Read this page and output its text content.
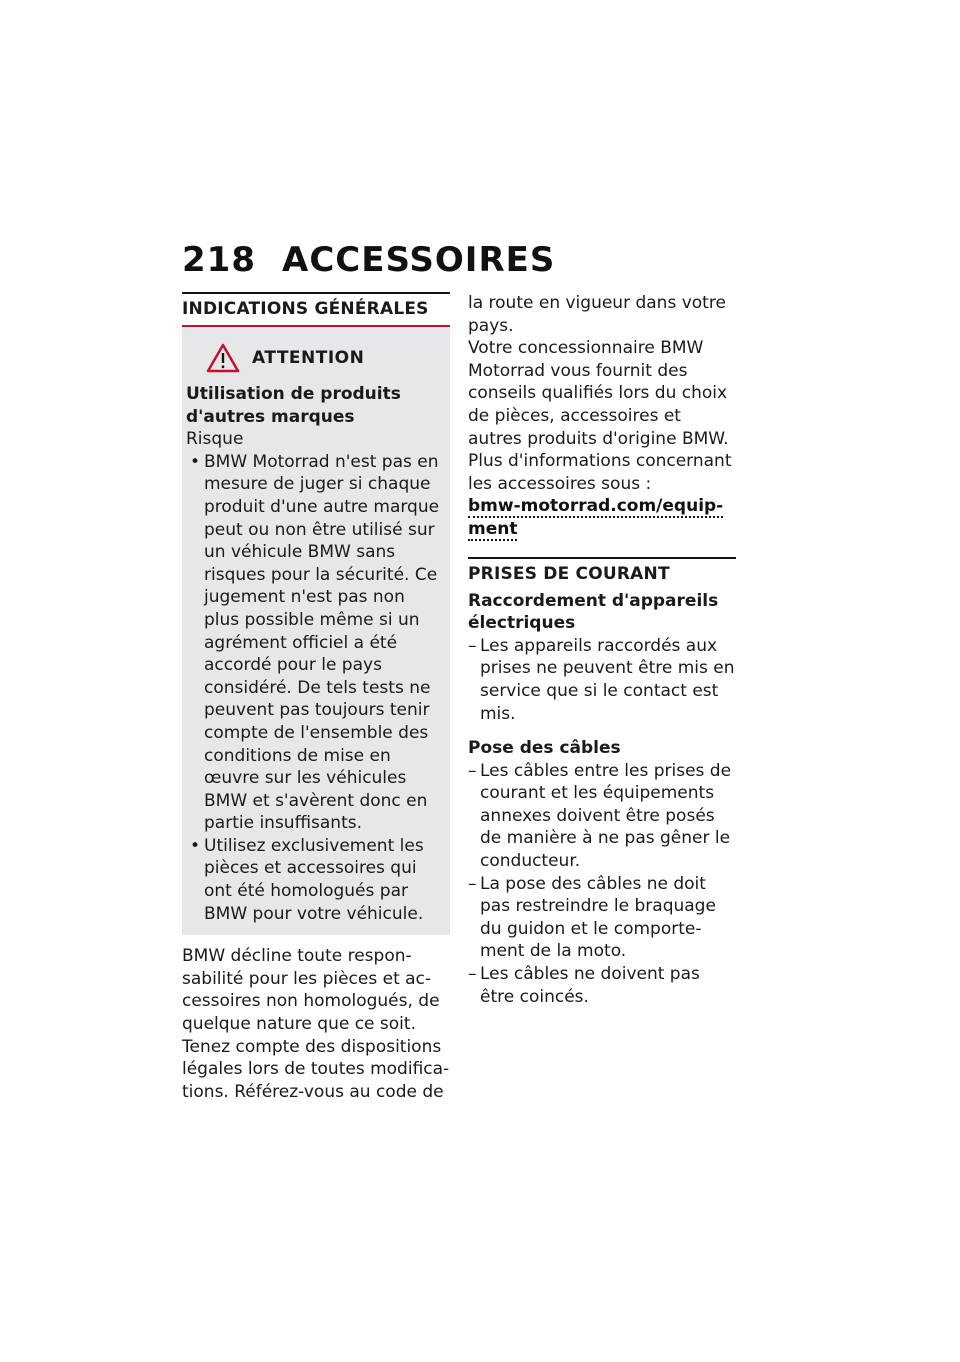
218 ACCESSOIRES
INDICATIONS GÉNÉRALES
ATTENTION

Utilisation de produits d'autres marques

Risque

• BMW Motorrad n'est pas en mesure de juger si chaque produit d'une autre marque peut ou non être utilisé sur un véhicule BMW sans risques pour la sécurité. Ce jugement n'est pas non plus possible même si un agrément officiel a été accordé pour le pays considéré. De tels tests ne peuvent pas toujours tenir compte de l'ensemble des conditions de mise en œuvre sur les véhicules BMW et s'avèrent donc en partie insuffisants.
• Utilisez exclusivement les pièces et accessoires qui ont été homologués par BMW pour votre véhicule.

BMW décline toute respon-sabilité pour les pièces et ac-cessoires non homologués, de quelque nature que ce soit. Tenez compte des dispositions légales lors de toutes modifica-tions. Référez-vous au code de

la route en vigueur dans votre pays.

Votre concessionnaire BMW Motorrad vous fournit des conseils qualifiés lors du choix de pièces, accessoires et autres produits d'origine BMW. Plus d'informations concernant les accessoires sous :

bmw-motorrad.com/equip-ment

PRISES DE COURANT

Raccordement d'appareils électriques

– Les appareils raccordés aux prises ne peuvent être mis en service que si le contact est mis.

Pose des câbles

– Les câbles entre les prises de courant et les équipements annexes doivent être posés de manière à ne pas gêner le conducteur.
– La pose des câbles ne doit pas restreindre le braquage du guidon et le comporte-ment de la moto.
– Les câbles ne doivent pas être coincés.
